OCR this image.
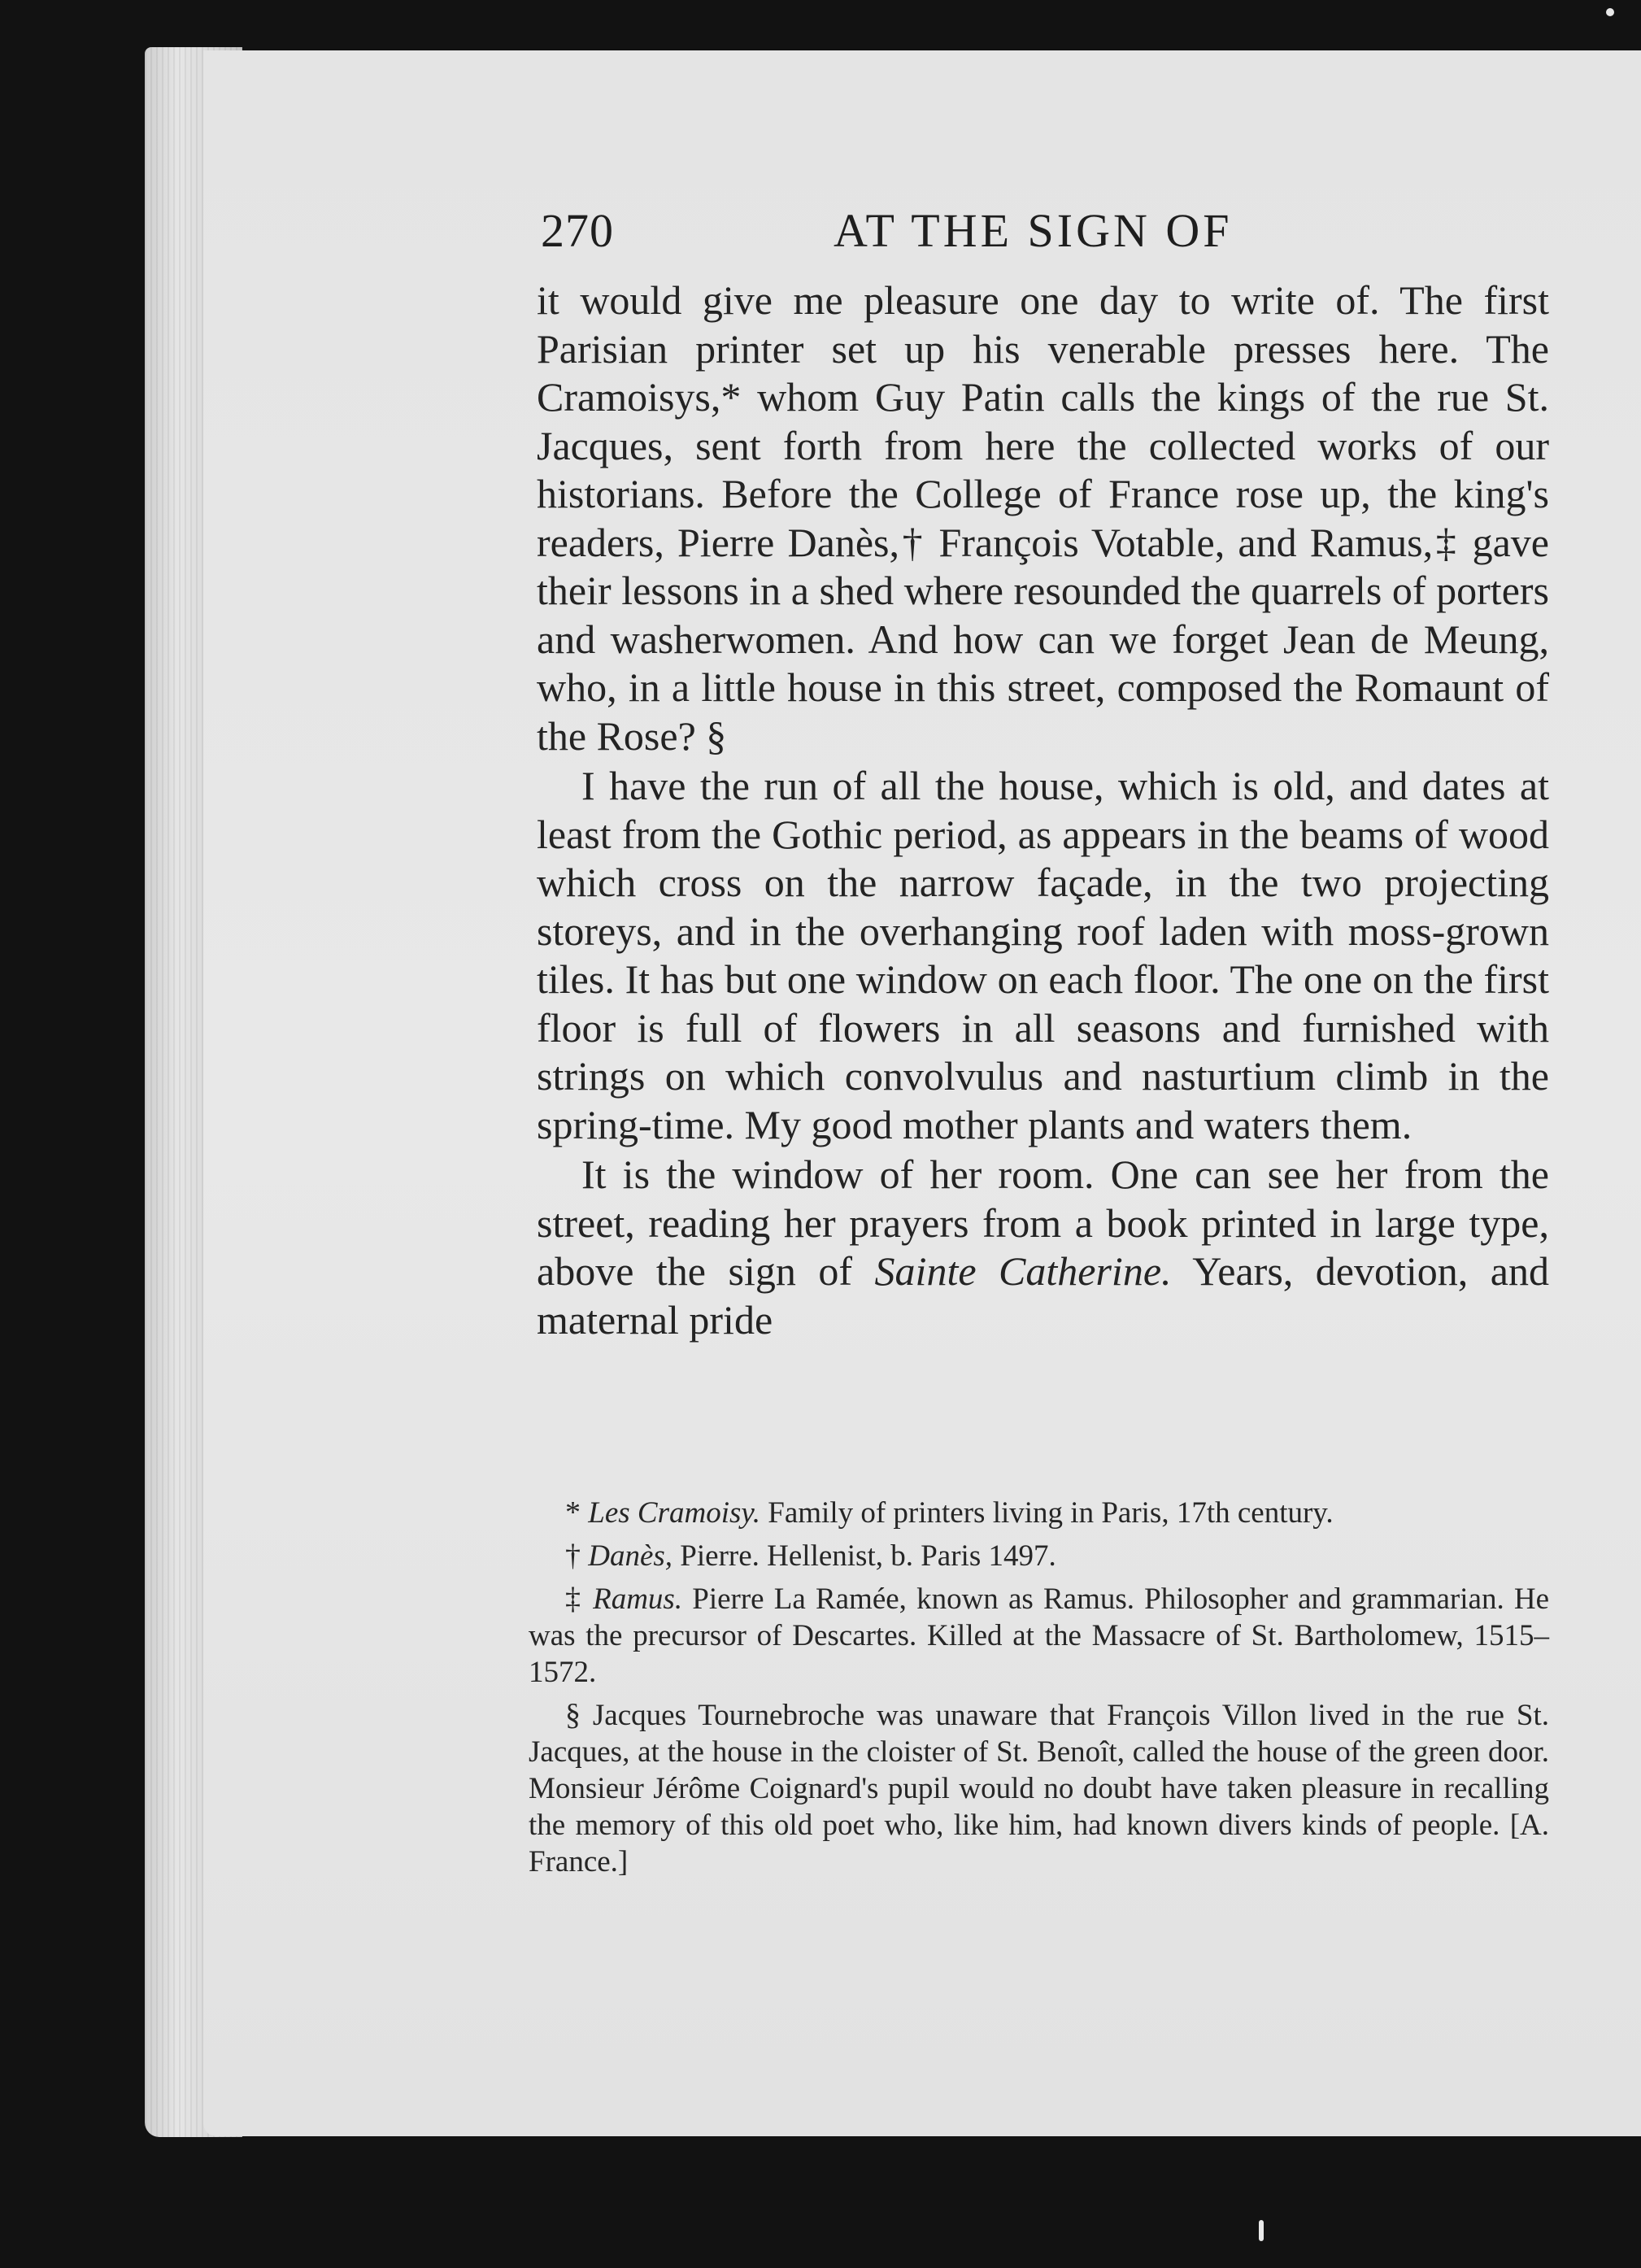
270	AT THE SIGN OF

it would give me pleasure one day to write of. The first Parisian printer set up his venerable presses here. The Cramoisys,* whom Guy Patin calls the kings of the rue St. Jacques, sent forth from here the collected works of our historians. Before the College of France rose up, the king's readers, Pierre Danès,† François Votable, and Ramus,‡ gave their lessons in a shed where resounded the quarrels of porters and washerwomen. And how can we forget Jean de Meung, who, in a little house in this street, composed the Romaunt of the Rose? §

I have the run of all the house, which is old, and dates at least from the Gothic period, as appears in the beams of wood which cross on the narrow façade, in the two projecting storeys, and in the overhanging roof laden with moss-grown tiles. It has but one window on each floor. The one on the first floor is full of flowers in all seasons and furnished with strings on which convolvulus and nasturtium climb in the spring-time. My good mother plants and waters them.

It is the window of her room. One can see her from the street, reading her prayers from a book printed in large type, above the sign of Sainte Catherine. Years, devotion, and maternal pride

* Les Cramoisy. Family of printers living in Paris, 17th century.

† Danès, Pierre. Hellenist, b. Paris 1497.

‡ Ramus. Pierre La Ramée, known as Ramus. Philosopher and grammarian. He was the precursor of Descartes. Killed at the Massacre of St. Bartholomew, 1515–1572.

§ Jacques Tournebroche was unaware that François Villon lived in the rue St. Jacques, at the house in the cloister of St. Benoît, called the house of the green door. Monsieur Jérôme Coignard's pupil would no doubt have taken pleasure in recalling the memory of this old poet who, like him, had known divers kinds of people. [A. France.]
